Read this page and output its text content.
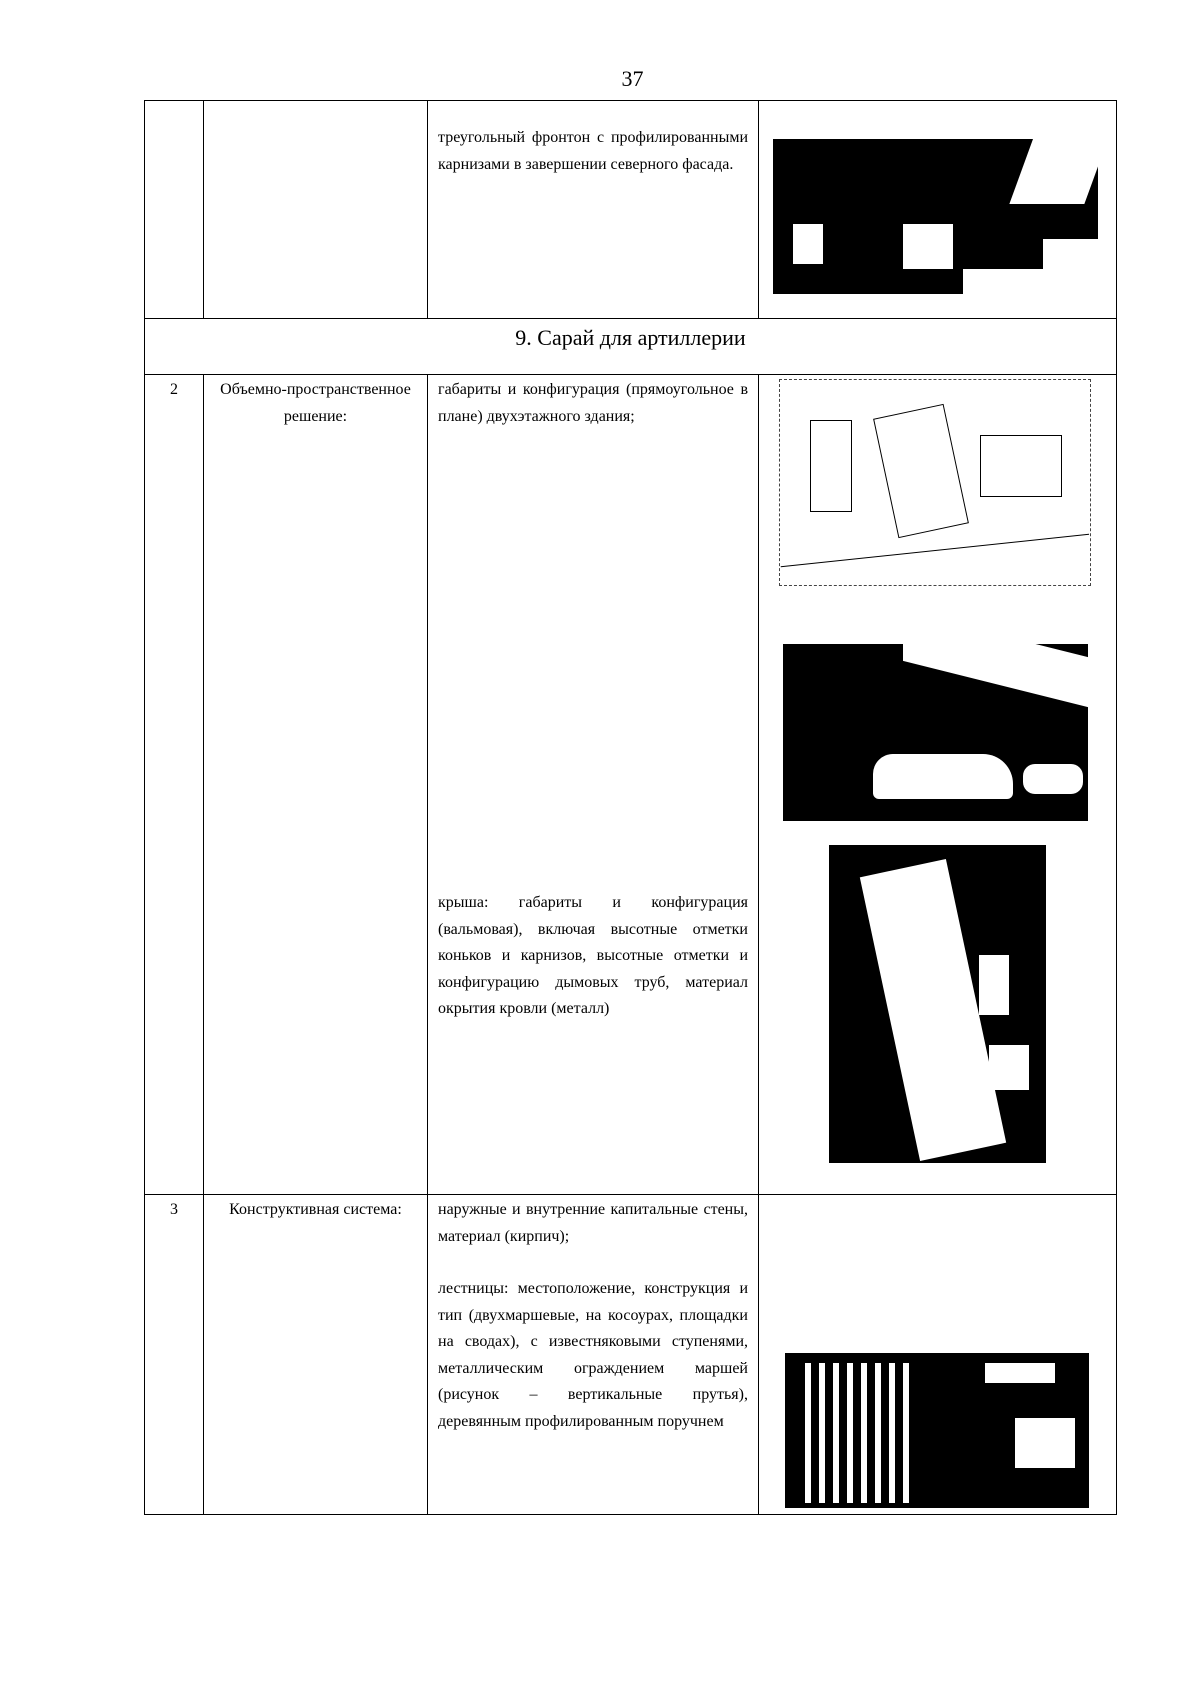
37
		треугольный фронтон с профилированными карнизами в завершении северного фасада.	

9. Сарай для артиллерии			
2	Объемно-пространственное решение:	габариты и конфигурация (прямоугольное в плане) двухэтажного здания;
крыша: габариты и конфигурация (вальмовая), включая высотные отметки коньков и карнизов, высотные отметки и конфигурацию дымовых труб, материал окрытия кровли (металл)	

3	Конструктивная система:	наружные и внутренние капитальные стены, материал (кирпич);
лестницы: местоположение, конструкция и тип (двухмаршевые, на косоурах, площадки на сводах), с известняковыми ступенями, металлическим ограждением маршей (рисунок – вертикальные прутья), деревянным профилированным поручнем	
